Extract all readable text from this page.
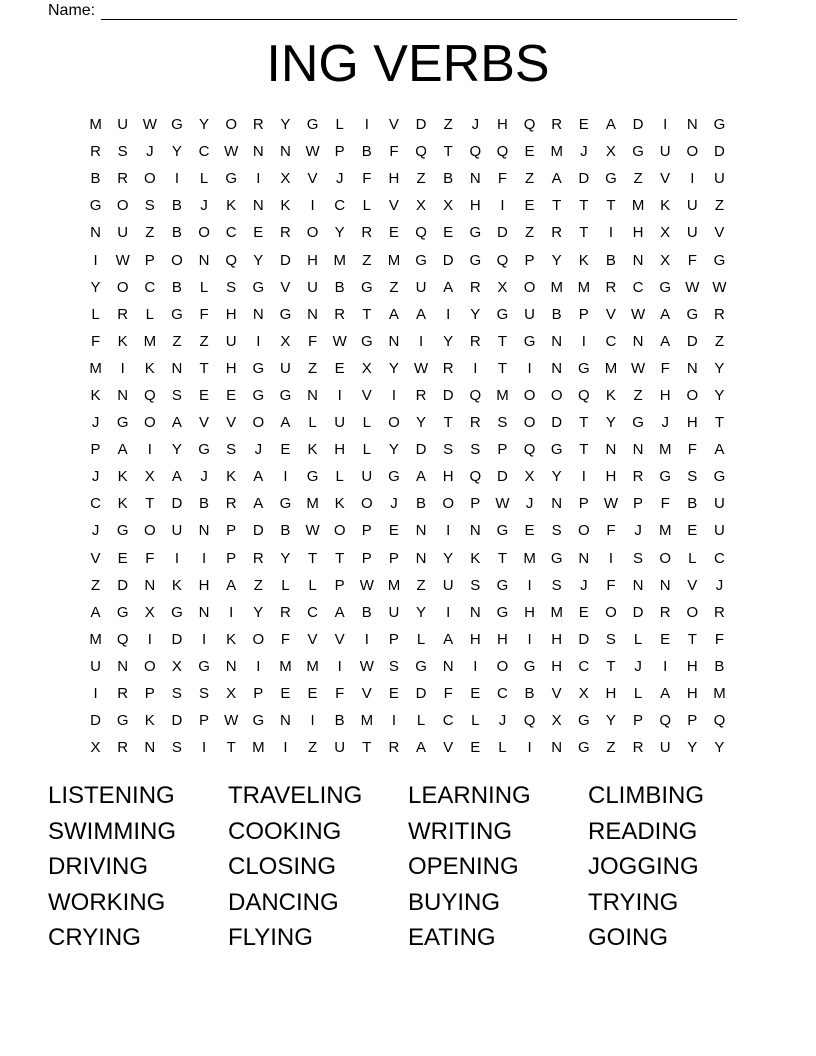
Name:
ING VERBS
M	U W G	Y	O	R	Y	G	L	I	V	D	Z	J	H	Q	R	E	A	D	I	N	G
R	S	J	Y	C W N	N W	P	B	F	Q	T	Q	Q	E	M	J	X	G	U	O	D
B	R	O	I	L	G	I	X	V	J	F	H	Z	B	N	F	Z	A	D	G	Z	V	I	U
G	O	S	B	J	K	N	K	I	C	L	V	X	X	H	I	E	T	T	T	M	K	U	Z
N	U	Z	B	O	C	E	R	O	Y	R	E	Q	E	G	D	Z	R	T	I	H	X	U	V
I	W	P	O	N	Q	Y	D	H	M	Z	M	G	D	G	Q	P	Y	K	B	N	X	F	G
Y	O	C	B	L	S	G	V	U	B	G	Z	U	A	R	X	O	M M	R	C	G W W
L	R	L	G	F	H	N	G	N	R	T	A	A	I	Y	G	U	B	P	V	W	A	G	R
F	K	M	Z	Z	U	I	X	F	W G	N	I	Y	R	T	G	N	I	C	N	A	D	Z
M	I	K	N	T	H	G	U	Z	E	X	Y	W R	I	T	I	N	G	M W	F	N	Y
K	N	Q	S	E	E	G	G	N	I	V	I	R	D	Q	M	O	O	Q	K	Z	H	O	Y
J	G	O	A	V	V	O	A	L	U	L	O	Y	T	R	S	O	D	T	Y	G	J	H	T
P	A	I	Y	G	S	J	E	K	H	L	Y	D	S	S	P	Q	G	T	N	N	M	F	A
J	K	X	A	J	K	A	I	G	L	U	G	A	H	Q	D	X	Y	I	H	R	G	S	G
C	K	T	D	B	R	A	G	M	K	O	J	B	O	P	W	J	N	P	W	P	F	B	U
J	G	O	U	N	P	D	B	W O	P	E	N	I	N	G	E	S	O	F	J	M	E	U
V	E	F	I	I	P	R	Y	T	T	P	P	N	Y	K	T	M	G	N	I	S	O	L	C
Z	D	N	K	H	A	Z	L	L	P	W M	Z	U	S	G	I	S	J	F	N	N	V	J
A	G	X	G	N	I	Y	R	C	A	B	U	Y	I	N	G	H	M	E	O	D	R	O	R
M	Q	I	D	I	K	O	F	V	V	I	P	L	A	H	H	I	H	D	S	L	E	T	F
U	N	O	X	G	N	I	M M	I	W	S	G	N	I	O	G	H	C	T	J	I	H	B
I	R	P	S	S	X	P	E	E	F	V	E	D	F	E	C	B	V	X	H	L	A	H	M
D	G	K	D	P	W G	N	I	B	M	I	L	C	L	J	Q	X	G	Y	P	Q	P	Q
X	R	N	S	I	T	M	I	Z	U	T	R	A	V	E	L	I	N	G	Z	R	U	Y	Y
LISTENING	TRAVELING	LEARNING	CLIMBING
SWIMMING	COOKING	WRITING	READING
DRIVING	CLOSING	OPENING	JOGGING
WORKING	DANCING	BUYING	TRYING
CRYING	FLYING	EATING	GOING
